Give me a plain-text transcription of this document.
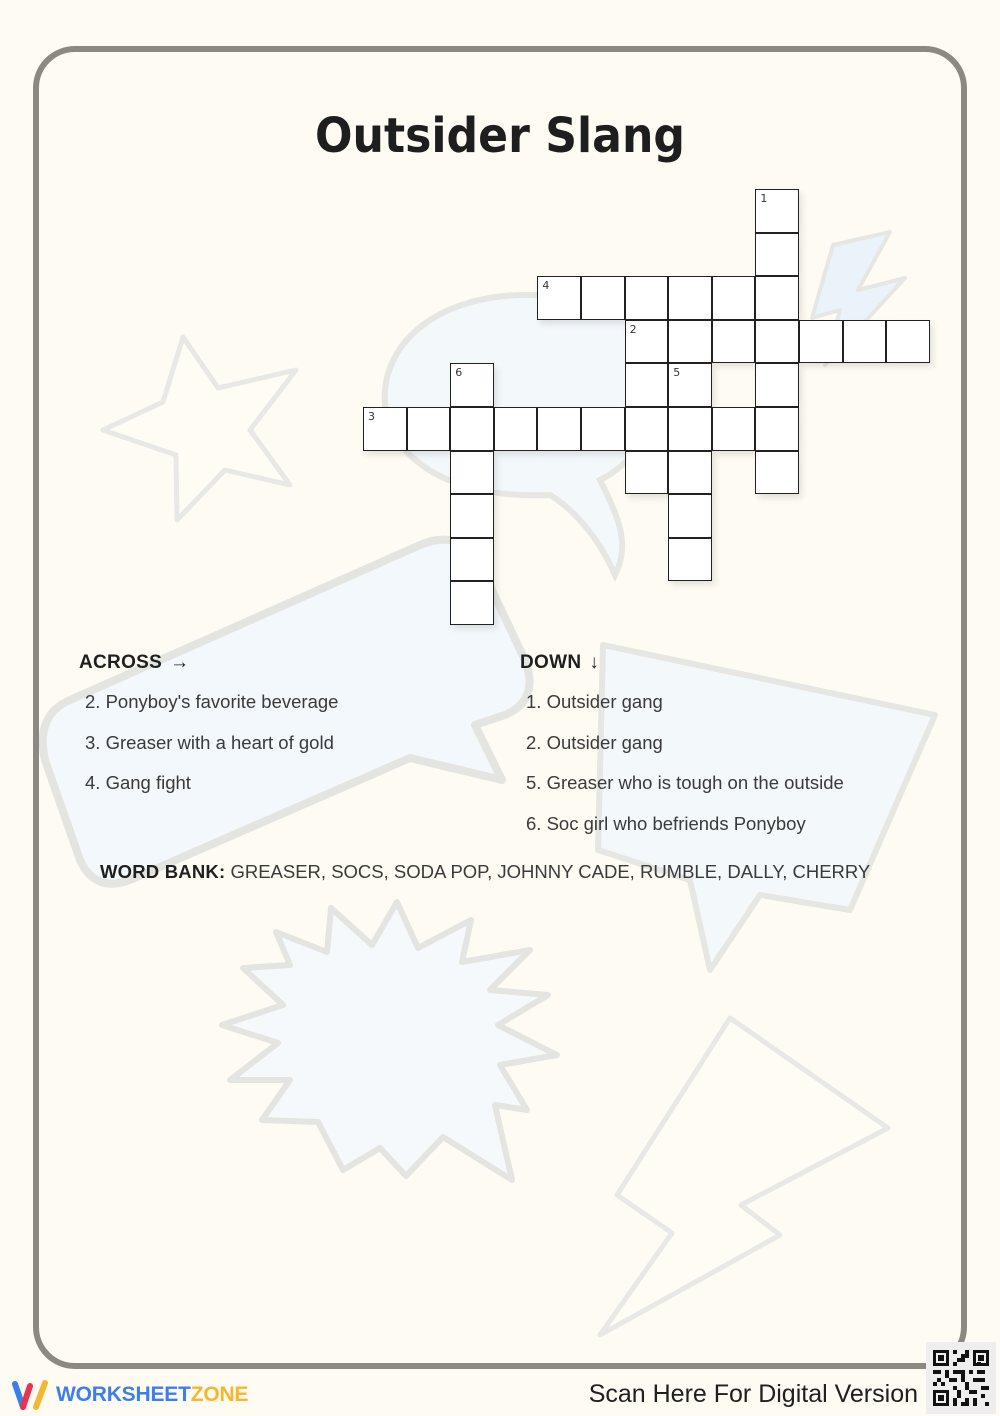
Outsider Slang
1
4
2
6	5
3
ACROSS →
2. Ponyboy's favorite beverage
3. Greaser with a heart of gold
4. Gang fight
DOWN ↓
1. Outsider gang
2. Outsider gang
5. Greaser who is tough on the outside
6. Soc girl who befriends Ponyboy
WORD BANK: GREASER, SOCS, SODA POP, JOHNNY CADE, RUMBLE, DALLY, CHERRY
WORKSHEETZONE	Scan Here For Digital Version
